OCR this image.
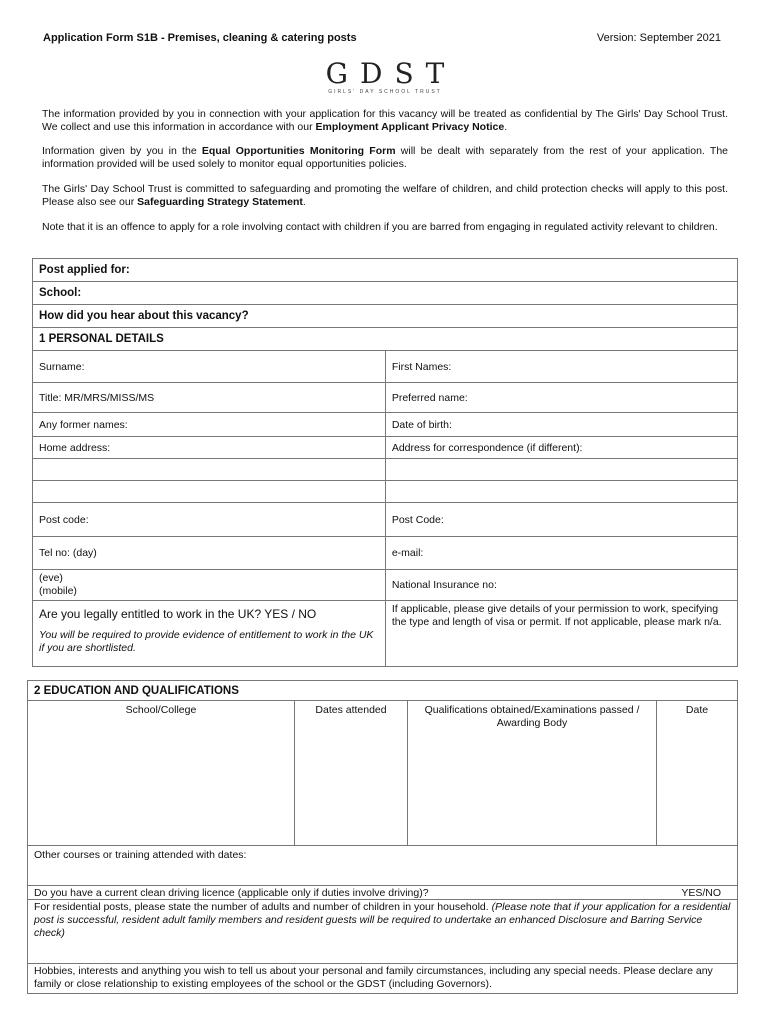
Application Form S1B - Premises, cleaning & catering posts	Version: September 2021
GDST
GIRLS' DAY SCHOOL TRUST
The information provided by you in connection with your application for this vacancy will be treated as confidential by The Girls' Day School Trust. We collect and use this information in accordance with our Employment Applicant Privacy Notice.
Information given by you in the Equal Opportunities Monitoring Form will be dealt with separately from the rest of your application. The information provided will be used solely to monitor equal opportunities policies.
The Girls' Day School Trust is committed to safeguarding and promoting the welfare of children, and child protection checks will apply to this post. Please also see our Safeguarding Strategy Statement.
Note that it is an offence to apply for a role involving contact with children if you are barred from engaging in regulated activity relevant to children.
Post applied for:	
School:	
How did you hear about this vacancy?	
1 PERSONAL DETAILS	
Surname:	First Names:
Title: MR/MRS/MISS/MS	Preferred name:
Any former names:	Date of birth:
Home address:	Address for correspondence (if different):

Post code:	Post Code:
Tel no: (day)	e-mail:

(eve)
(mobile)	National Insurance no:

Are you legally entitled to work in the UK? YES / NO
You will be required to provide evidence of entitlement to work in the UK if you are shortlisted.	If applicable, please give details of your permission to work, specifying the type and length of visa or permit. If not applicable, please mark n/a.
2 EDUCATION AND QUALIFICATIONS
School/College	Dates attended	Qualifications obtained/Examinations passed / Awarding Body	Date
Other courses or training attended with dates:
Do you have a current clean driving licence (applicable only if duties involve driving)?	YES/NO

For residential posts, please state the number of adults and number of children in your household. (Please note that if your application for a residential post is successful, resident adult family members and resident guests will be required to undertake an enhanced Disclosure and Barring Service check)
Hobbies, interests and anything you wish to tell us about your personal and family circumstances, including any special needs. Please declare any family or close relationship to existing employees of the school or the GDST (including Governors).
